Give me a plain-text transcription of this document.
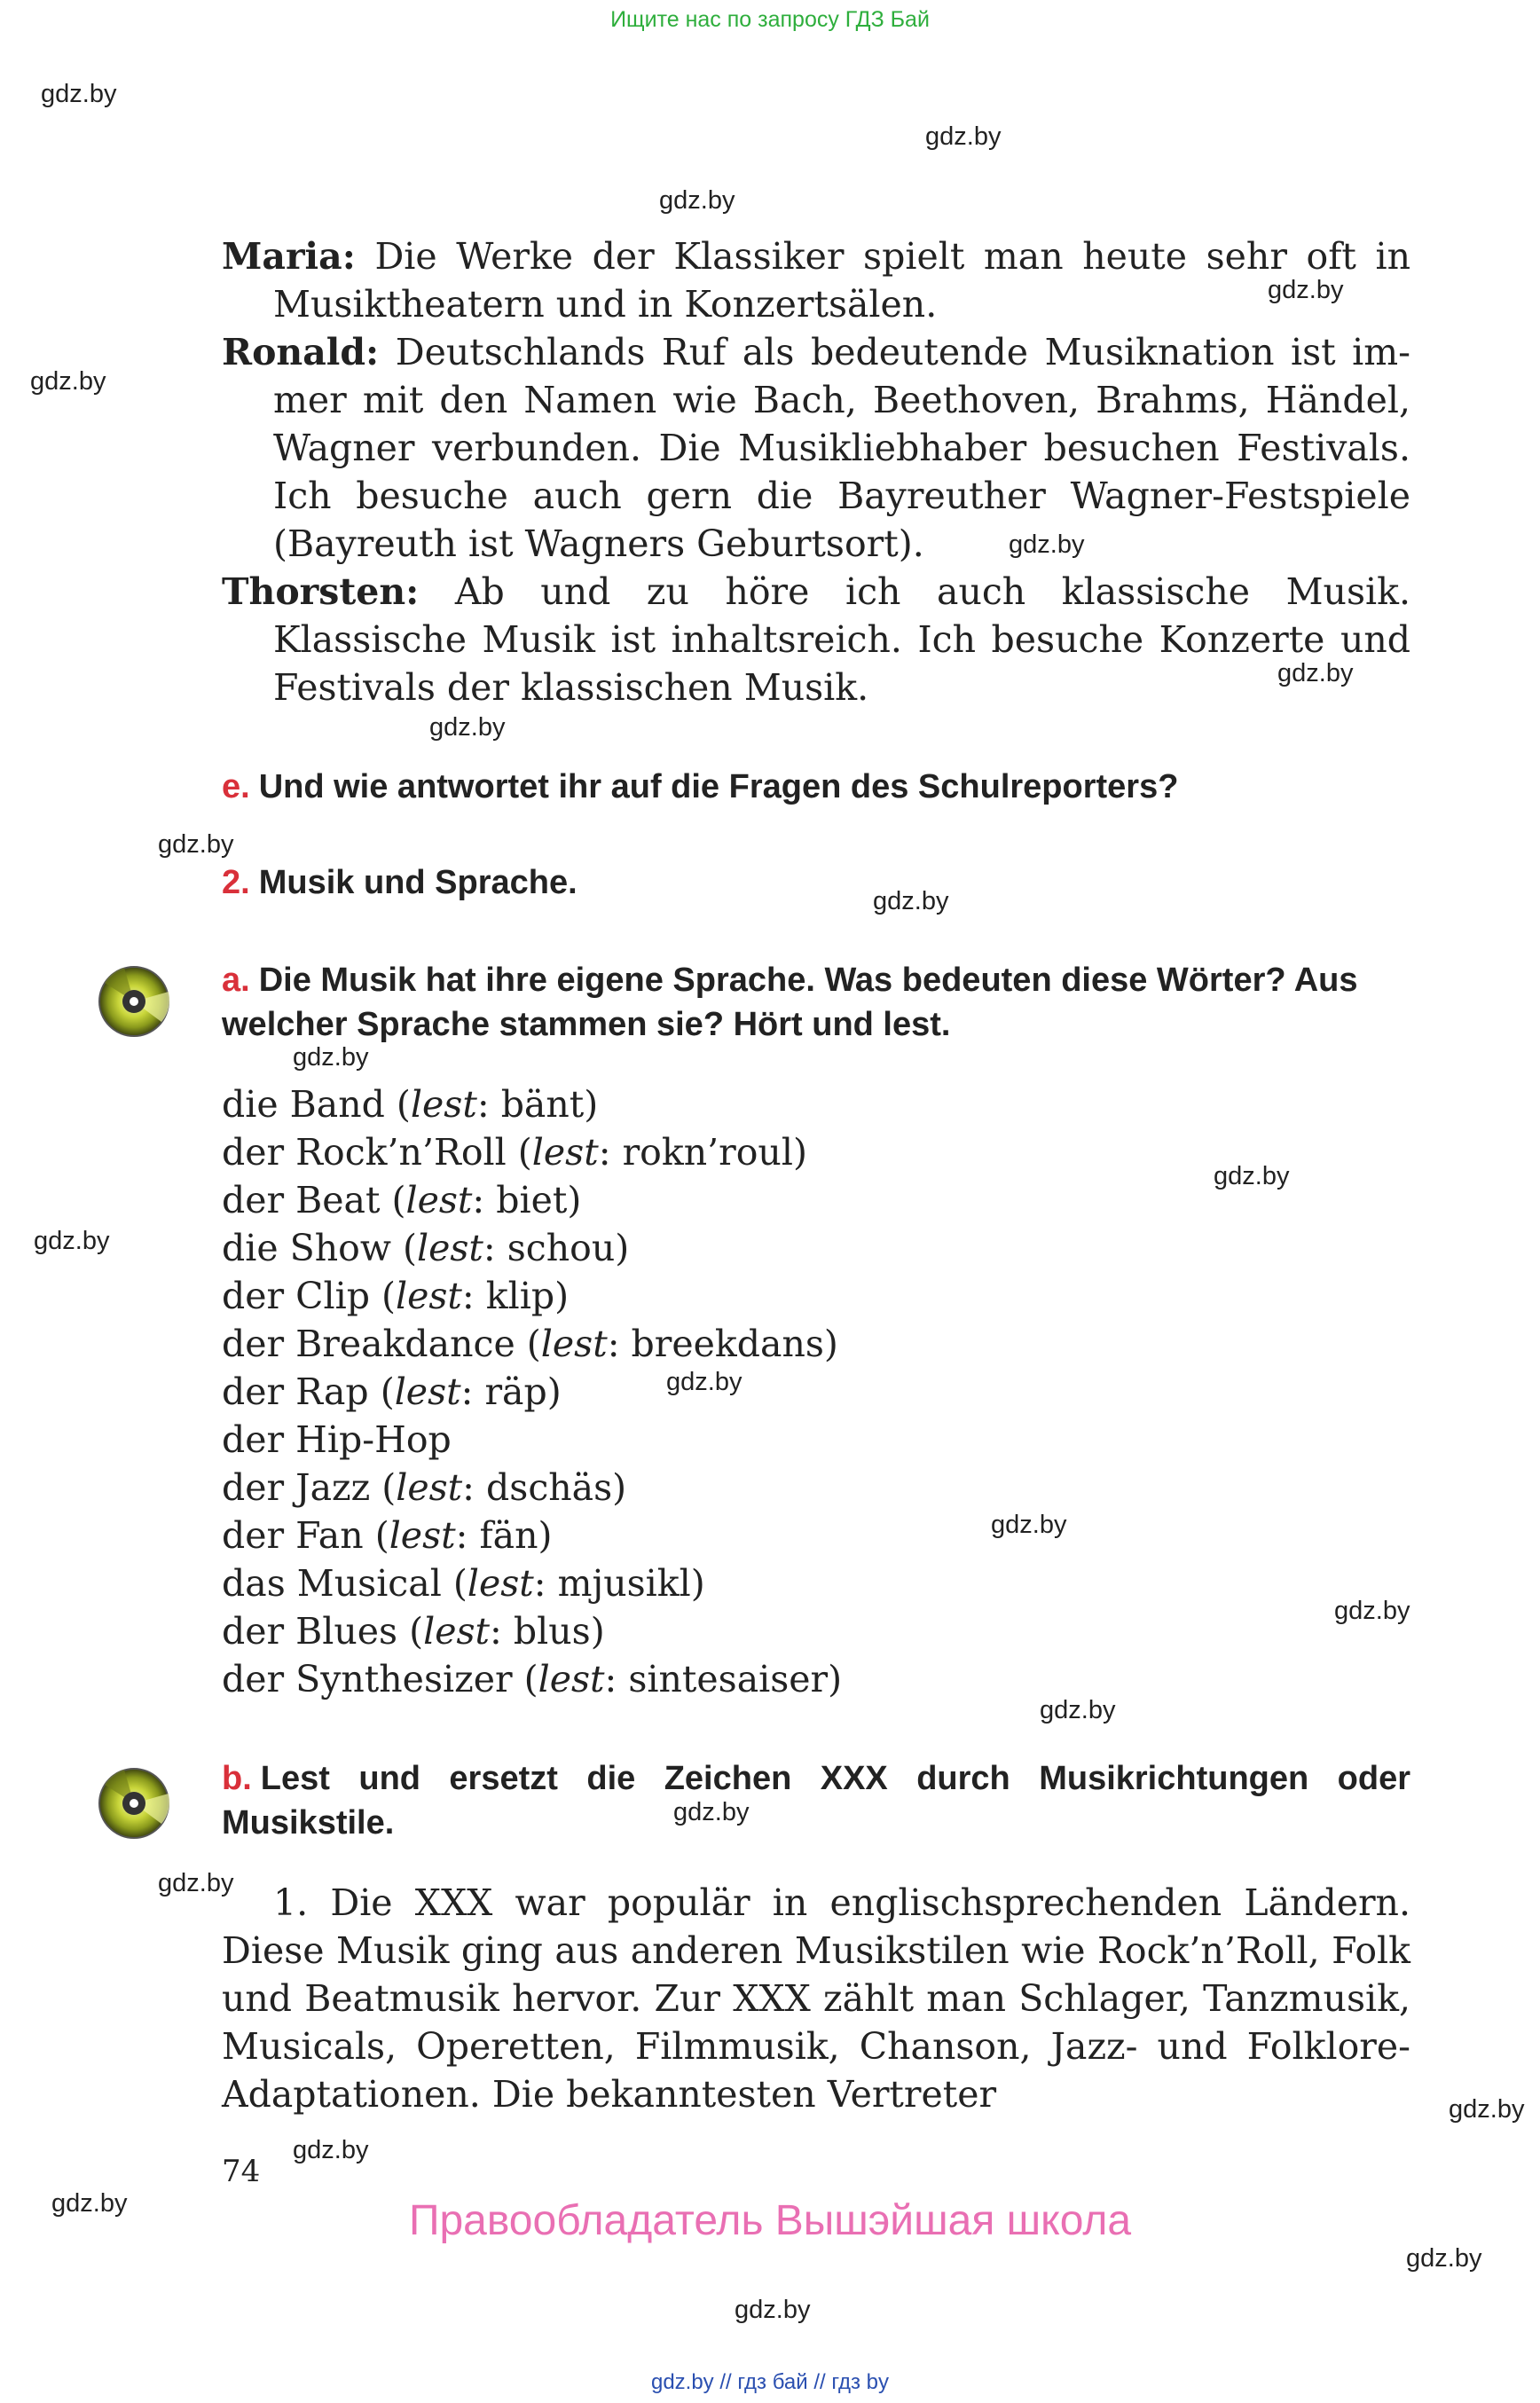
Ищите нас по запросу ГДЗ Бай
gdz.by
gdz.by
gdz.by
gdz.by
gdz.by
gdz.by
gdz.by
gdz.by
gdz.by
gdz.by
gdz.by
gdz.by
gdz.by
gdz.by
gdz.by
gdz.by
gdz.by
gdz.by
gdz.by
gdz.by
gdz.by
gdz.by
gdz.by
gdz.by
Maria: Die Werke der Klassiker spielt man heute sehr oft in Musiktheatern und in Konzertsälen.
Ronald: Deutschlands Ruf als bedeutende Musiknation ist im-mer mit den Namen wie Bach, Beethoven, Brahms, Händel, Wagner verbunden. Die Musikliebhaber besuchen Festivals. Ich besuche auch gern die Bayreuther Wagner-Festspiele (Bayreuth ist Wagners Geburtsort).
Thorsten: Ab und zu höre ich auch klassische Musik. Klassische Musik ist inhaltsreich. Ich besuche Konzerte und Festivals der klassischen Musik.
e. Und wie antwortet ihr auf die Fragen des Schulreporters?
2. Musik und Sprache.
a. Die Musik hat ihre eigene Sprache. Was bedeuten diese Wörter? Aus welcher Sprache stammen sie? Hört und lest.
die Band (lest: bänt)
der Rock’n’Roll (lest: rokn’roul)
der Beat (lest: biet)
die Show (lest: schou)
der Clip (lest: klip)
der Breakdance (lest: breekdans)
der Rap (lest: räp)
der Hip-Hop
der Jazz (lest: dschäs)
der Fan (lest: fän)
das Musical (lest: mjusikl)
der Blues (lest: blus)
der Synthesizer (lest: sintesaiser)
b. Lest und ersetzt die Zeichen XXX durch Musikrichtungen oder Musikstile.
1. Die XXX war populär in englischsprechenden Ländern. Diese Musik ging aus anderen Musikstilen wie Rock’n’Roll, Folk und Beatmusik hervor. Zur XXX zählt man Schlager, Tanzmusik, Musicals, Operetten, Filmmusik, Chanson, Jazz- und Folklore-Adaptationen. Die bekanntesten Vertreter
74
Правообладатель Вышэйшая школа
gdz.by // гдз бай // гдз by
